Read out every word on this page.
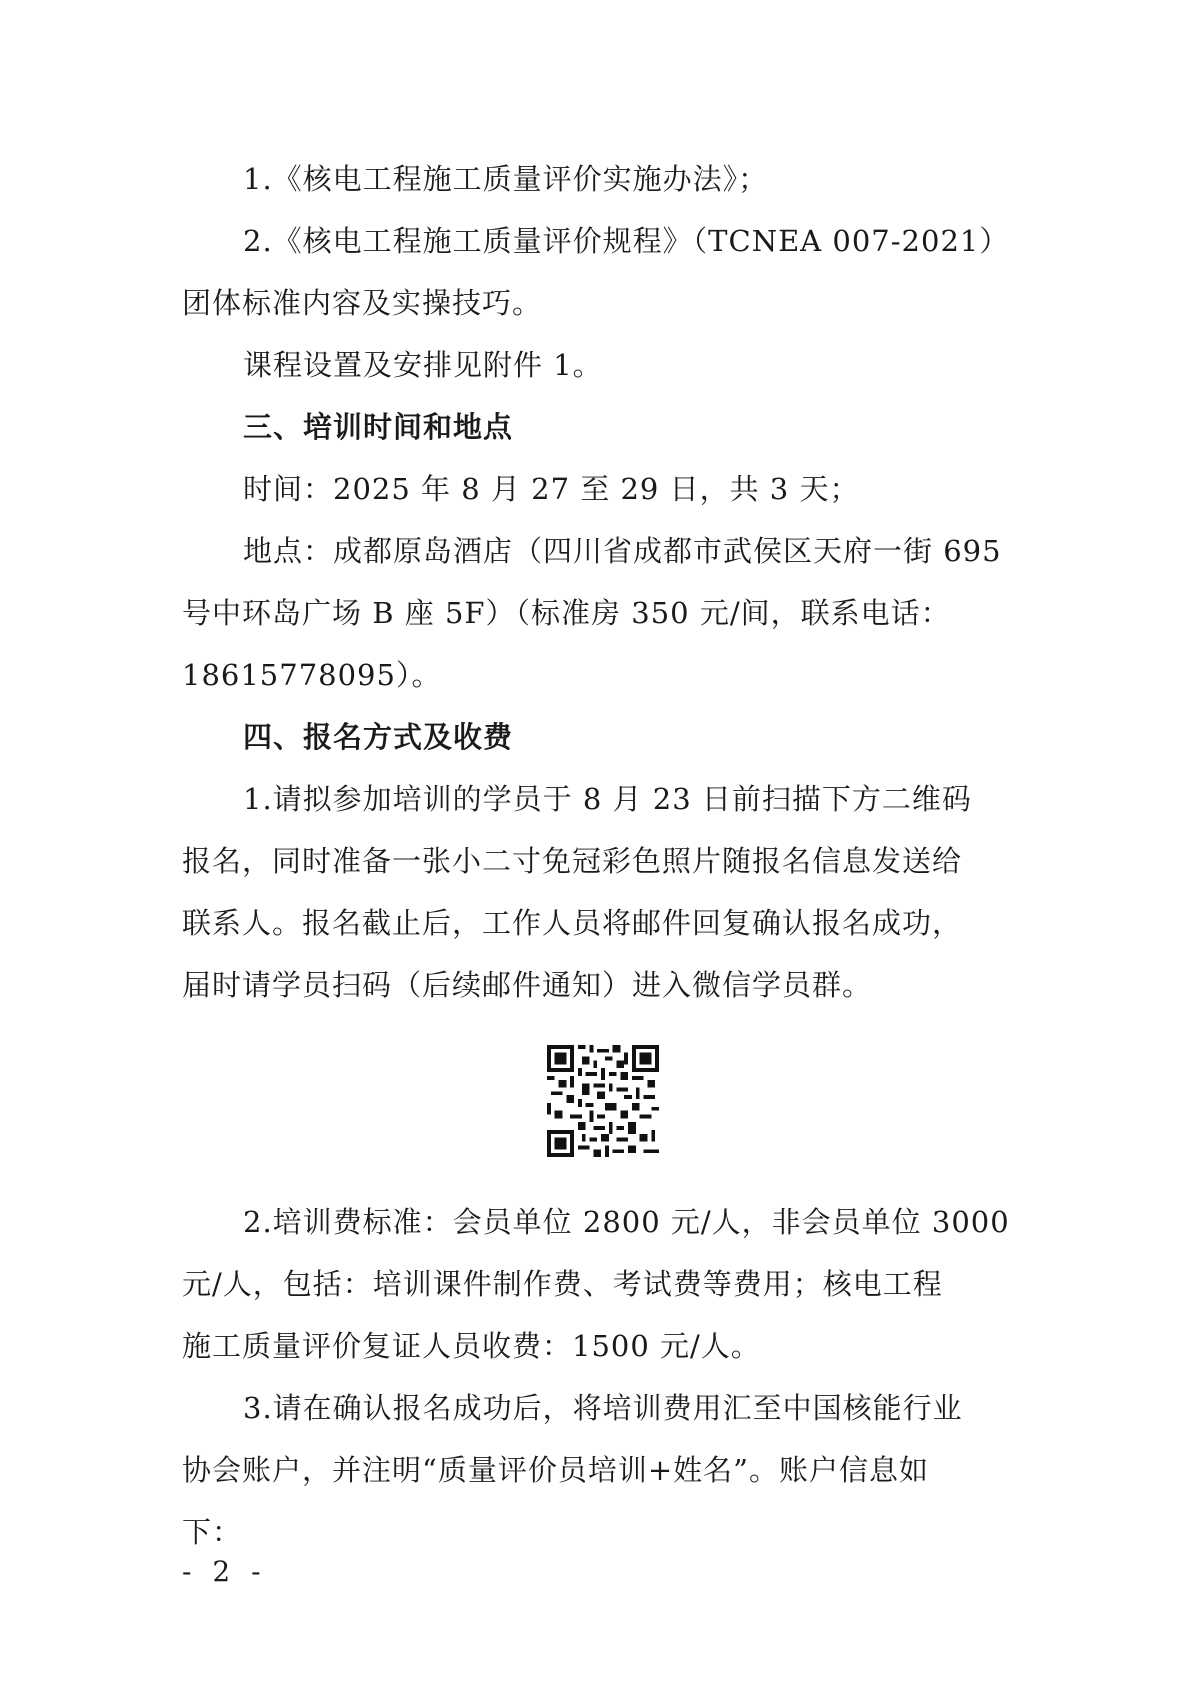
1.《核电工程施工质量评价实施办法》；
2.《核电工程施工质量评价规程》（TCNEA 007-2021）
团体标准内容及实操技巧。
课程设置及安排见附件 1。
三、培训时间和地点
时间：2025 年 8 月 27 至 29 日，共 3 天；
地点：成都原岛酒店（四川省成都市武侯区天府一街 695
号中环岛广场 B 座 5F）（标准房 350 元/间，联系电话：
18615778095）。
四、报名方式及收费
1.请拟参加培训的学员于 8 月 23 日前扫描下方二维码
报名，同时准备一张小二寸免冠彩色照片随报名信息发送给
联系人。报名截止后，工作人员将邮件回复确认报名成功，
届时请学员扫码（后续邮件通知）进入微信学员群。
2.培训费标准：会员单位 2800 元/人，非会员单位 3000
元/人，包括：培训课件制作费、考试费等费用；核电工程
施工质量评价复证人员收费：1500 元/人。
3.请在确认报名成功后，将培训费用汇至中国核能行业
协会账户，并注明“质量评价员培训+姓名”。账户信息如
下：
- 2 -
